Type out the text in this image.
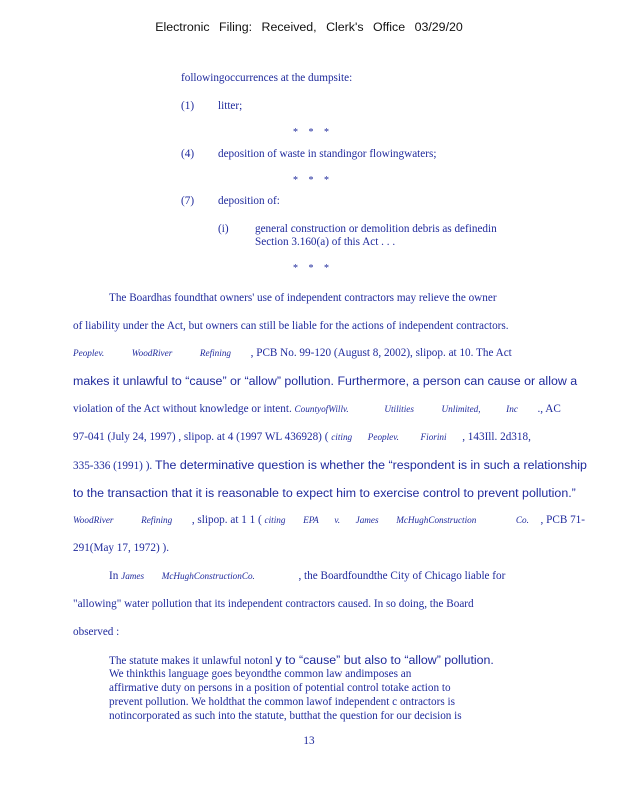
Electronic Filing: Received, Clerk's Office 03/29/20
followingoccurrences at the dumpsite:
(1) litter;
* * *
(4) deposition of waste in standingor flowingwaters;
* * *
(7) deposition of:
(i) general construction or demolition debris as definedin
Section 3.160(a) of this Act . . .
* * *
The Boardhas foundthat owners' use of independent contractors may relieve the owner
of liability under the Act, but owners can still be liable for the actions of independent contractors.
Peoplev.	WoodRiver	Refining , PCB No. 99-120 (August 8, 2002), slipop. at 10. The Act
makes it unlawful to “cause” or “allow” pollution. Furthermore, a person can cause or allow a
violation of the Act without knowledge or intent. CountyofWillv.	Utilities	Unlimited,	Inc ., AC
97-041 (July 24, 1997) , slipop. at 4 (1997 WL 436928) ( citing Peoplev. Fiorini , 143Ill. 2d318,
335-336 (1991) ). The determinative question is whether the “respondent is in such a relationship
to the transaction that it is reasonable to expect him to exercise control to prevent pollution.”
WoodRiver	Refining , slipop. at 1 1 ( citing EPA v. James McHughConstruction	Co. , PCB 71-
291(May 17, 1972) ).
In James McHughConstructionCo.	, the Boardfoundthe City of Chicago liable for
"allowing" water pollution that its independent contractors caused. In so doing, the Board
observed :
The statute makes it unlawful notonl y to “cause” but also to “allow” pollution.
We thinkthis language goes beyondthe common law andimposes an
affirmative duty on persons in a position of potential control totake action to
prevent pollution. We holdthat the common lawof independent c ontractors is
notincorporated as such into the statute, butthat the question for our decision is
13
